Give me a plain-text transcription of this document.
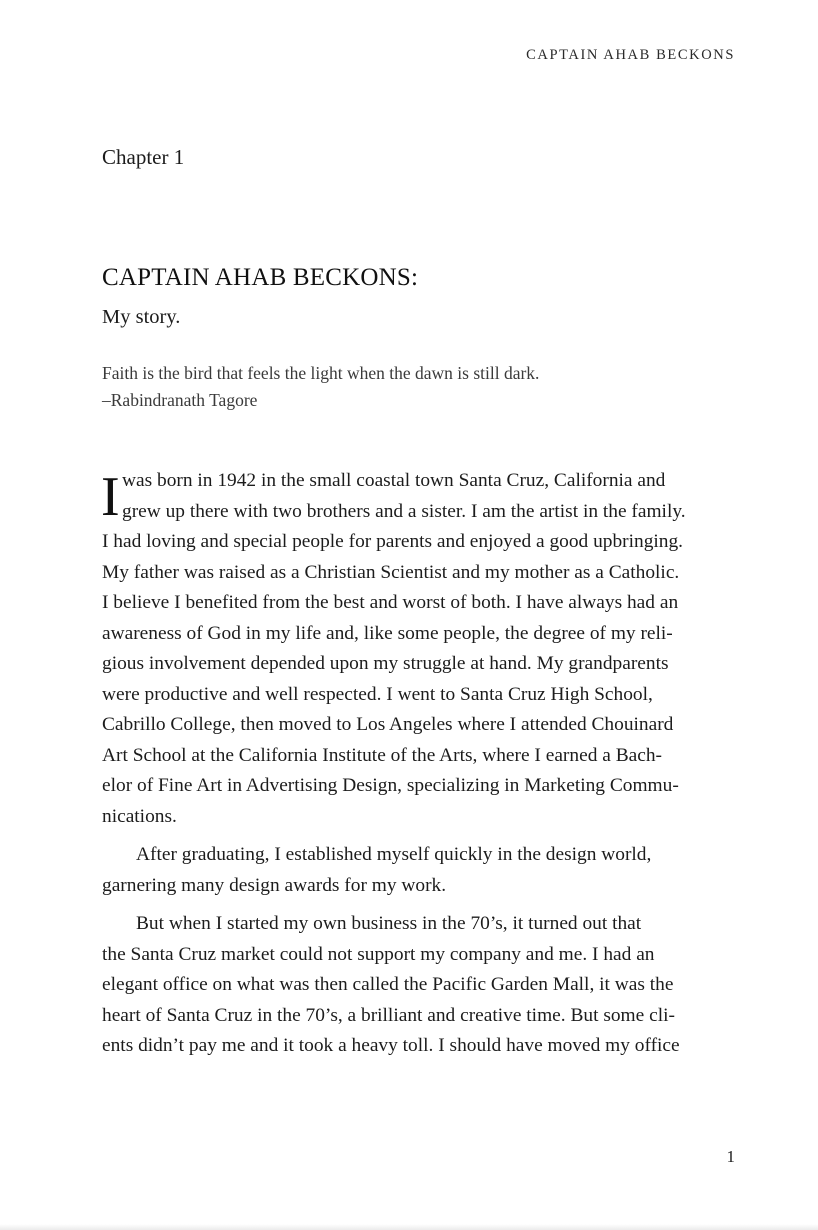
CAPTAIN AHAB BECKONS
Chapter 1
CAPTAIN AHAB BECKONS:
My story.
Faith is the bird that feels the light when the dawn is still dark.
–Rabindranath Tagore
I was born in 1942 in the small coastal town Santa Cruz, California and
grew up there with two brothers and a sister. I am the artist in the family.
I had loving and special people for parents and enjoyed a good upbringing.
My father was raised as a Christian Scientist and my mother as a Catholic.
I believe I benefited from the best and worst of both. I have always had an
awareness of God in my life and, like some people, the degree of my reli-
gious involvement depended upon my struggle at hand. My grandparents
were productive and well respected. I went to Santa Cruz High School,
Cabrillo College, then moved to Los Angeles where I attended Chouinard
Art School at the California Institute of the Arts, where I earned a Bach-
elor of Fine Art in Advertising Design, specializing in Marketing Commu-
nications.
After graduating, I established myself quickly in the design world,
garnering many design awards for my work.
But when I started my own business in the 70’s, it turned out that
the Santa Cruz market could not support my company and me. I had an
elegant office on what was then called the Pacific Garden Mall, it was the
heart of Santa Cruz in the 70’s, a brilliant and creative time. But some cli-
ents didn’t pay me and it took a heavy toll. I should have moved my office
1
